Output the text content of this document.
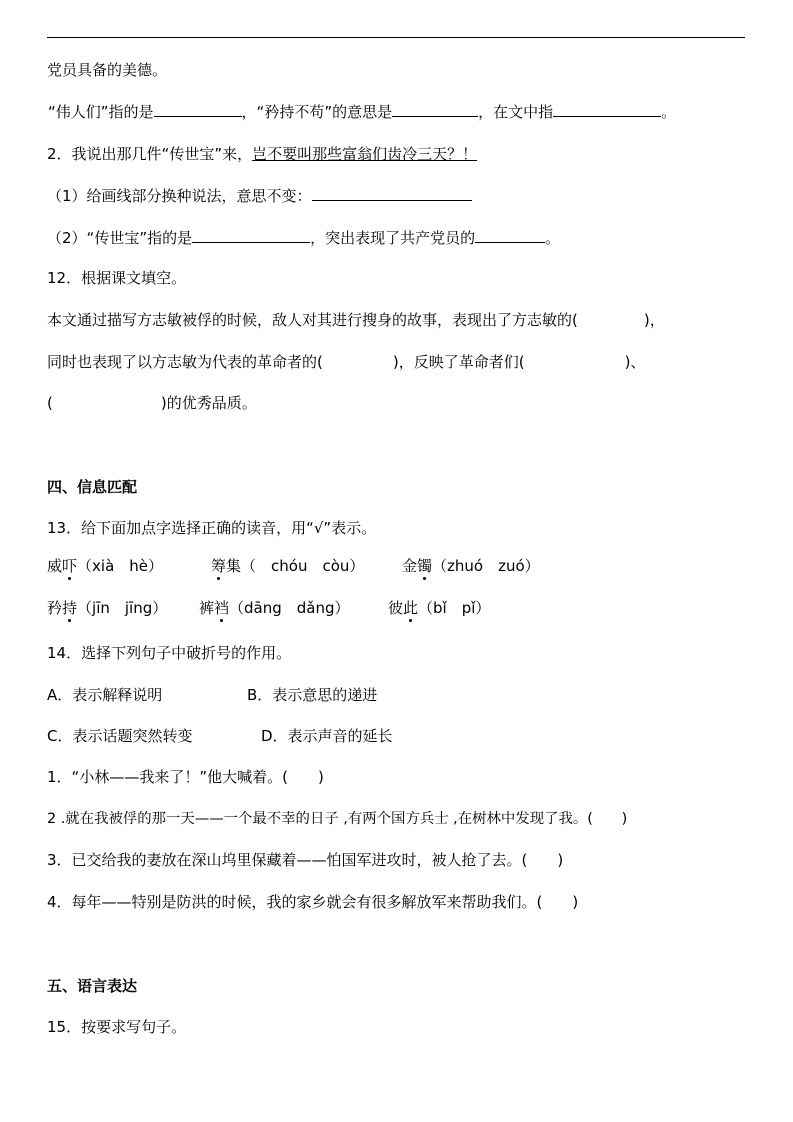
党员具备的美德。
“伟人们”指的是	，“矜持不苟”的意思是	，在文中指	。
2．我说出那几件“传世宝”来，岂不要叫那些富翁们齿冷三天？！
（1）给画线部分换种说法，意思不变：
（2）“传世宝”指的是	，突出表现了共产党员的	。
12．根据课文填空。
本文通过描写方志敏被俘的时候，敌人对其进行搜身的故事，表现出了方志敏的(	)，
同时也表现了以方志敏为代表的革命者的(	)，反映了革命者们(	)、
(	)的优秀品质。
四、信息匹配
13．给下面加点字选择正确的读音，用“√”表示。
威吓（xià　hè）	筹集（　chóu　còu）	金镯（zhuó　zuó）
矜持（jīn　jīng） 裤裆（dāng　dǎng）	彼此（bǐ　pǐ）
14．选择下列句子中破折号的作用。
A．表示解释说明	B．表示意思的递进
C．表示话题突然转变	D．表示声音的延长
1．“小林——我来了！”他大喊着。(　　)
2 .就在我被俘的那一天——一个最不幸的日子 ,有两个国方兵士 ,在树林中发现了我。(　　)
3．已交给我的妻放在深山坞里保藏着——怕国军进攻时，被人抢了去。(　　)
4．每年——特别是防洪的时候，我的家乡就会有很多解放军来帮助我们。(　　)
五、语言表达
15．按要求写句子。
